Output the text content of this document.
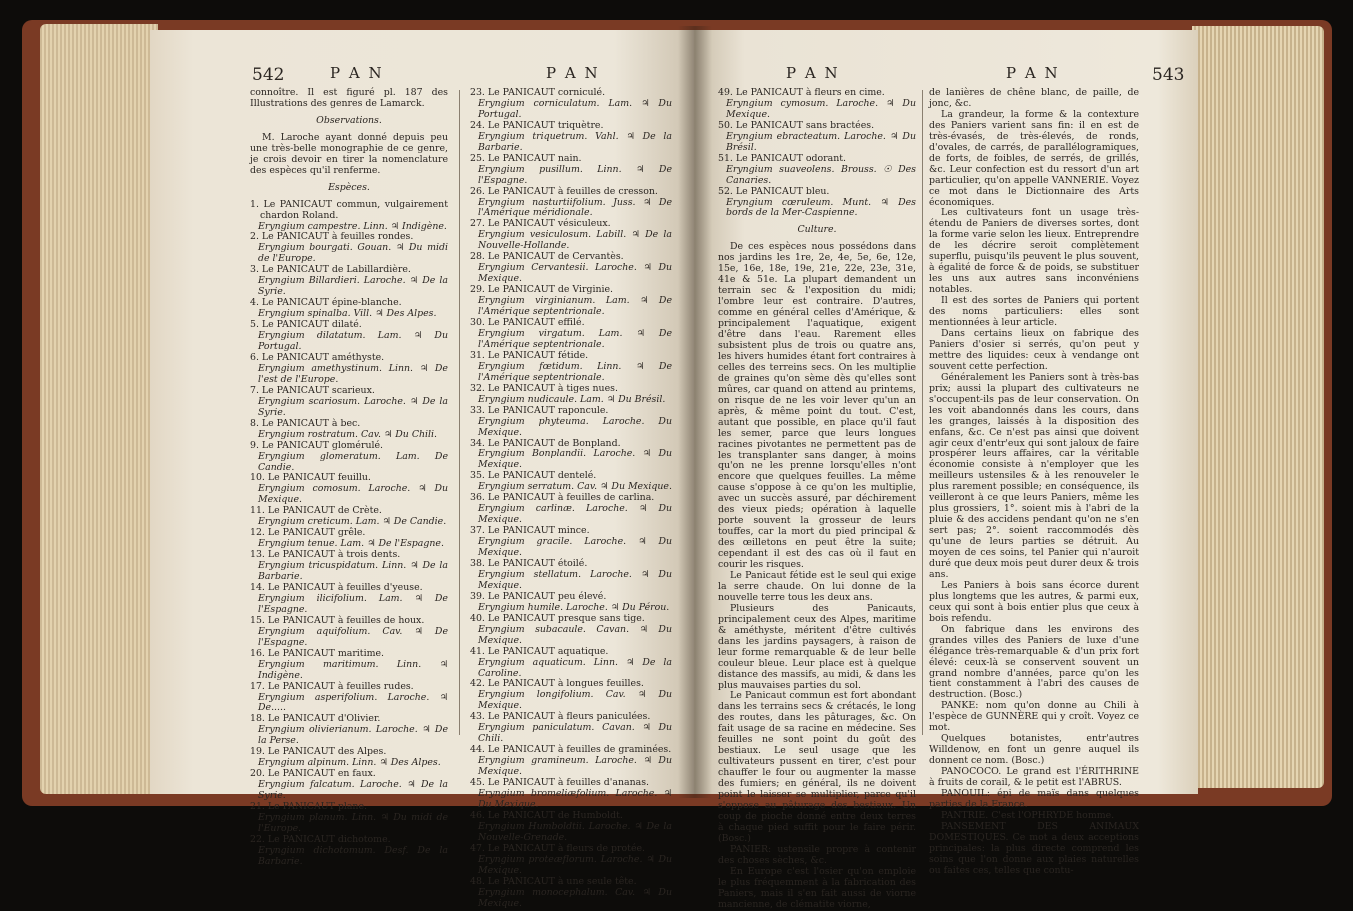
542	P A N	P A N

connoître. Il est figuré pl. 187 des Illustrations des genres de Lamarck.

Observations.

M. Laroche ayant donné depuis peu une très-belle monographie de ce genre, je crois devoir en tirer la nomenclature des espèces qu'il renferme.

Espèces.

1. Le PANICAUT commun, vulgairement chardon Roland.

Eryngium campestre. Linn. ♃ Indigène.

2. Le PANICAUT à feuilles rondes.

Eryngium bourgati. Gouan. ♃ Du midi de l'Europe.

3. Le PANICAUT de Labillardière.

Eryngium Billardieri. Laroche. ♃ De la Syrie.

4. Le PANICAUT épine-blanche.

Eryngium spinalba. Vill. ♃ Des Alpes.

5. Le PANICAUT dilaté.

Eryngium dilatatum. Lam. ♃ Du Portugal.

6. Le PANICAUT améthyste.

Eryngium amethystinum. Linn. ♃ De l'est de l'Europe.

7. Le PANICAUT scarieux.

Eryngium scariosum. Laroche. ♃ De la Syrie.

8. Le PANICAUT à bec.

Eryngium rostratum. Cav. ♃ Du Chili.

9. Le PANICAUT glomérulé.

Eryngium glomeratum. Lam. De Candie.

10. Le PANICAUT feuillu.

Eryngium comosum. Laroche. ♃ Du Mexique.

11. Le PANICAUT de Crète.

Eryngium creticum. Lam. ♃ De Candie.

12. Le PANICAUT grêle.

Eryngium tenue. Lam. ♃ De l'Espagne.

13. Le PANICAUT à trois dents.

Eryngium tricuspidatum. Linn. ♃ De la Barbarie.

14. Le PANICAUT à feuilles d'yeuse.

Eryngium ilicifolium. Lam. ♃ De l'Espagne.

15. Le PANICAUT à feuilles de houx.

Eryngium aquifolium. Cav. ♃ De l'Espagne.

16. Le PANICAUT maritime.

Eryngium maritimum. Linn. ♃ Indigène.

17. Le PANICAUT à feuilles rudes.

Eryngium asperifolium. Laroche. ♃ De.....

18. Le PANICAUT d'Olivier.

Eryngium olivierianum. Laroche. ♃ De la Perse.

19. Le PANICAUT des Alpes.

Eryngium alpinum. Linn. ♃ Des Alpes.

20. Le PANICAUT en faux.

Eryngium falcatum. Laroche. ♃ De la Syrie.

21. Le PANICAUT plane.

Eryngium planum. Linn. ♃ Du midi de l'Europe.

22. Le PANICAUT dichotome.

Eryngium dichotomum. Desf. De la Barbarie.

23. Le PANICAUT corniculé.

Eryngium corniculatum. Lam. ♃ Du Portugal.

24. Le PANICAUT triquètre.

Eryngium triquetrum. Vahl. ♃ De la Barbarie.

25. Le PANICAUT nain.

Eryngium pusillum. Linn. ♃ De l'Espagne.

26. Le PANICAUT à feuilles de cresson.

Eryngium nasturtiifolium. Juss. ♃ De l'Amérique méridionale.

27. Le PANICAUT vésiculeux.

Eryngium vesiculosum. Labill. ♃ De la Nouvelle-Hollande.

28. Le PANICAUT de Cervantès.

Eryngium Cervantesii. Laroche. ♃ Du Mexique.

29. Le PANICAUT de Virginie.

Eryngium virginianum. Lam. ♃ De l'Amérique septentrionale.

30. Le PANICAUT effilé.

Eryngium virgatum. Lam. ♃ De l'Amérique septentrionale.

31. Le PANICAUT fétide.

Eryngium fœtidum. Linn. ♃ De l'Amérique septentrionale.

32. Le PANICAUT à tiges nues.

Eryngium nudicaule. Lam. ♃ Du Brésil.

33. Le PANICAUT raponcule.

Eryngium phyteuma. Laroche. Du Mexique.

34. Le PANICAUT de Bonpland.

Eryngium Bonplandii. Laroche. ♃ Du Mexique.

35. Le PANICAUT dentelé.

Eryngium serratum. Cav. ♃ Du Mexique.

36. Le PANICAUT à feuilles de carlina.

Eryngium carlinæ. Laroche. ♃ Du Mexique.

37. Le PANICAUT mince.

Eryngium gracile. Laroche. ♃ Du Mexique.

38. Le PANICAUT étoilé.

Eryngium stellatum. Laroche. ♃ Du Mexique.

39. Le PANICAUT peu élevé.

Eryngium humile. Laroche. ♃ Du Pérou.

40. Le PANICAUT presque sans tige.

Eryngium subacaule. Cavan. ♃ Du Mexique.

41. Le PANICAUT aquatique.

Eryngium aquaticum. Linn. ♃ De la Caroline.

42. Le PANICAUT à longues feuilles.

Eryngium longifolium. Cav. ♃ Du Mexique.

43. Le PANICAUT à fleurs paniculées.

Eryngium paniculatum. Cavan. ♃ Du Chili.

44. Le PANICAUT à feuilles de graminées.

Eryngium gramineum. Laroche. ♃ Du Mexique.

45. Le PANICAUT à feuilles d'ananas.

Eryngium bromeliæfolium. Laroche. ♃ Du Mexique.

46. Le PANICAUT de Humboldt.

Eryngium Humboldtii. Laroche. ♃ De la Nouvelle-Grenade.

47. Le PANICAUT à fleurs de protée.

Eryngium proteæflorum. Laroche. ♃ Du Mexique.

48. Le PANICAUT à une seule tête.

Eryngium monocephalum. Cav. ♃ Du Mexique.

P A N	P A N	543

49. Le PANICAUT à fleurs en cime.

Eryngium cymosum. Laroche. ♃ Du Mexique.

50. Le PANICAUT sans bractées.

Eryngium ebracteatum. Laroche. ♃ Du Brésil.

51. Le PANICAUT odorant.

Eryngium suaveolens. Brouss. ☉ Des Canaries.

52. Le PANICAUT bleu.

Eryngium cœruleum. Munt. ♃ Des bords de la Mer-Caspienne.

Culture.

De ces espèces nous possédons dans nos jardins les 1re, 2e, 4e, 5e, 6e, 12e, 15e, 16e, 18e, 19e, 21e, 22e, 23e, 31e, 41e & 51e. La plupart demandent un terrain sec & l'exposition du midi; l'ombre leur est contraire. D'autres, comme en général celles d'Amérique, & principalement l'aquatique, exigent d'être dans l'eau. Rarement elles subsistent plus de trois ou quatre ans, les hivers humides étant fort contraires à celles des terreins secs. On les multiplie de graines qu'on sème dès qu'elles sont mûres, car quand on attend au printems, on risque de ne les voir lever qu'un an après, & même point du tout. C'est, autant que possible, en place qu'il faut les semer, parce que leurs longues racines pivotantes ne permettent pas de les transplanter sans danger, à moins qu'on ne les prenne lorsqu'elles n'ont encore que quelques feuilles. La même cause s'oppose à ce qu'on les multiplie, avec un succès assuré, par déchirement des vieux pieds; opération à laquelle porte souvent la grosseur de leurs touffes, car la mort du pied principal & des œilletons en peut être la suite; cependant il est des cas où il faut en courir les risques.

Le Panicaut fétide est le seul qui exige la serre chaude. On lui donne de la nouvelle terre tous les deux ans.

Plusieurs des Panicauts, principalement ceux des Alpes, maritime & améthyste, méritent d'être cultivés dans les jardins paysagers, à raison de leur forme remarquable & de leur belle couleur bleue. Leur place est à quelque distance des massifs, au midi, & dans les plus mauvaises parties du sol.

Le Panicaut commun est fort abondant dans les terrains secs & crétacés, le long des routes, dans les pâturages, &c. On fait usage de sa racine en médecine. Ses feuilles ne sont point du goût des bestiaux. Le seul usage que les cultivateurs pussent en tirer, c'est pour chauffer le four ou augmenter la masse des fumiers; en général, ils ne doivent point le laisser se multiplier, parce qu'il s'oppose au pâturage des bestiaux. Un coup de pioche donné entre deux terres à chaque pied suffit pour le faire périr. (Bosc.)

PANIER: ustensile propre à contenir des choses sèches, &c.

En Europe c'est l'osier qu'on emploie le plus fréquemment à la fabrication des Paniers, mais il s'en fait aussi de viorne mancienne, de clématite viorne,

de lanières de chêne blanc, de paille, de jonc, &c.

La grandeur, la forme & la contexture des Paniers varient sans fin: il en est de très-évasés, de très-élevés, de ronds, d'ovales, de carrés, de parallélogramiques, de forts, de foibles, de serrés, de grillés, &c. Leur confection est du ressort d'un art particulier, qu'on appelle VANNERIE. Voyez ce mot dans le Dictionnaire des Arts économiques.

Les cultivateurs font un usage très-étendu de Paniers de diverses sortes, dont la forme varie selon les lieux. Entreprendre de les décrire seroit complètement superflu, puisqu'ils peuvent le plus souvent, à égalité de force & de poids, se substituer les uns aux autres sans inconvéniens notables.

Il est des sortes de Paniers qui portent des noms particuliers: elles sont mentionnées à leur article.

Dans certains lieux on fabrique des Paniers d'osier si serrés, qu'on peut y mettre des liquides: ceux à vendange ont souvent cette perfection.

Généralement les Paniers sont à très-bas prix; aussi la plupart des cultivateurs ne s'occupent-ils pas de leur conservation. On les voit abandonnés dans les cours, dans les granges, laissés à la disposition des enfans, &c. Ce n'est pas ainsi que doivent agir ceux d'entr'eux qui sont jaloux de faire prospérer leurs affaires, car la véritable économie consiste à n'employer que les meilleurs ustensiles & à les renouveler le plus rarement possible; en conséquence, ils veilleront à ce que leurs Paniers, même les plus grossiers, 1°. soient mis à l'abri de la pluie & des accidens pendant qu'on ne s'en sert pas; 2°. soient raccommodés dès qu'une de leurs parties se détruit. Au moyen de ces soins, tel Panier qui n'auroit duré que deux mois peut durer deux & trois ans.

Les Paniers à bois sans écorce durent plus longtems que les autres, & parmi eux, ceux qui sont à bois entier plus que ceux à bois refendu.

On fabrique dans les environs des grandes villes des Paniers de luxe d'une élégance très-remarquable & d'un prix fort élevé: ceux-là se conservent souvent un grand nombre d'années, parce qu'on les tient constamment à l'abri des causes de destruction. (Bosc.)

PANKE: nom qu'on donne au Chili à l'espèce de GUNNÈRE qui y croît. Voyez ce mot.

Quelques botanistes, entr'autres Willdenow, en font un genre auquel ils donnent ce nom. (Bosc.)

PANOCOCO. Le grand est l'ÉRITHRINE à fruits de corail, & le petit est l'ABRUS.

PANOUIL: épi de maïs dans quelques parties de la France.

PANTRIE. C'est l'OPHRYDE homme.

PANSEMENT DES ANIMAUX DOMESTIQUES. Ce mot a deux acceptions principales: la plus directe comprend les soins que l'on donne aux plaies naturelles ou faites ces, telles que contu-
